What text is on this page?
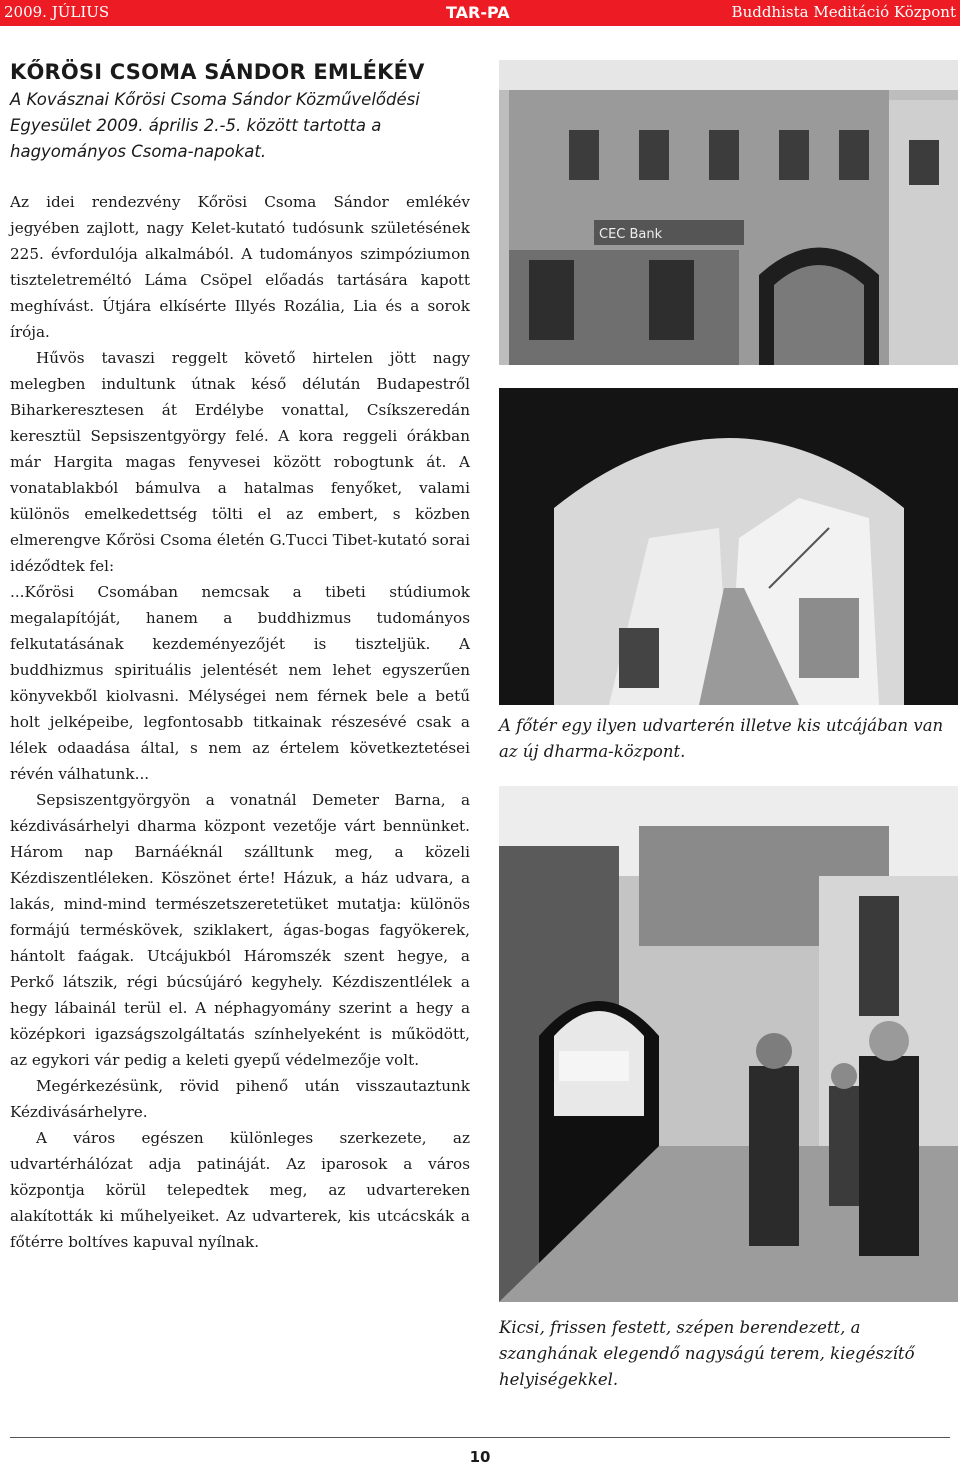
2009. JÚLIUS	TAR-PA	Buddhista Meditáció Központ
KŐRÖSI CSOMA SÁNDOR EMLÉKÉV

A Kovásznai Kőrösi Csoma Sándor Közművelődési Egyesület 2009. április 2.-5. között tartotta a hagyományos Csoma-napokat.

Az idei rendezvény Kőrösi Csoma Sándor emlékév jegyében zajlott, nagy Kelet-kutató tudósunk születésének 225. évfordulója alkalmából. A tudományos szimpóziumon tiszteletreméltó Láma Csöpel előadás tartására kapott meghívást. Útjára elkísérte Illyés Rozália, Lia és a sorok írója.

Hűvös tavaszi reggelt követő hirtelen jött nagy melegben indultunk útnak késő délután Budapestről Biharkeresztesen át Erdélybe vonattal, Csíkszeredán keresztül Sepsiszentgyörgy felé. A kora reggeli órákban már Hargita magas fenyvesei között robogtunk át. A vonatablakból bámulva a hatalmas fenyőket, valami különös emelkedettség tölti el az embert, s közben elmerengve Kőrösi Csoma életén G.Tucci Tibet-kutató sorai idéződtek fel:

...Kőrösi Csomában nemcsak a tibeti stúdiumok megalapítóját, hanem a buddhizmus tudományos felkutatásának kezdeményezőjét is tiszteljük. A buddhizmus spirituális jelentését nem lehet egyszerűen könyvekből kiolvasni. Mélységei nem férnek bele a betű holt jelképeibe, legfontosabb titkainak részesévé csak a lélek odaadása által, s nem az értelem következtetései révén válhatunk...

Sepsiszentgyörgyön a vonatnál Demeter Barna, a kézdivásárhelyi dharma központ vezetője várt bennünket. Három nap Barnáéknál szálltunk meg, a közeli Kézdiszentléleken. Köszönet érte! Házuk, a ház udvara, a lakás, mind-mind természetszeretetüket mutatja: különös formájú terméskövek, sziklakert, ágas-bogas fagyökerek, hántolt faágak. Utcájukból Háromszék szent hegye, a Perkő látszik, régi búcsújáró kegyhely. Kézdiszentlélek a hegy lábainál terül el. A néphagyomány szerint a hegy a középkori igazságszolgáltatás színhelyeként is működött, az egykori vár pedig a keleti gyepű védelmezője volt.

Megérkezésünk, rövid pihenő után visszautaztunk Kézdivásárhelyre.

A város egészen különleges szerkezete, az udvartérhálózat adja patináját. Az iparosok a város központja körül telepedtek meg, az udvartereken alakították ki műhelyeiket. Az udvarterek, kis utcácskák a főtérre boltíves kapuval nyílnak.

CEC Bank

A főtér egy ilyen udvarterén illetve kis utcájában van az új dharma-központ.

Kicsi, frissen festett, szépen berendezett, a szanghának elegendő nagyságú terem, kiegészítő helyiségekkel.

10
